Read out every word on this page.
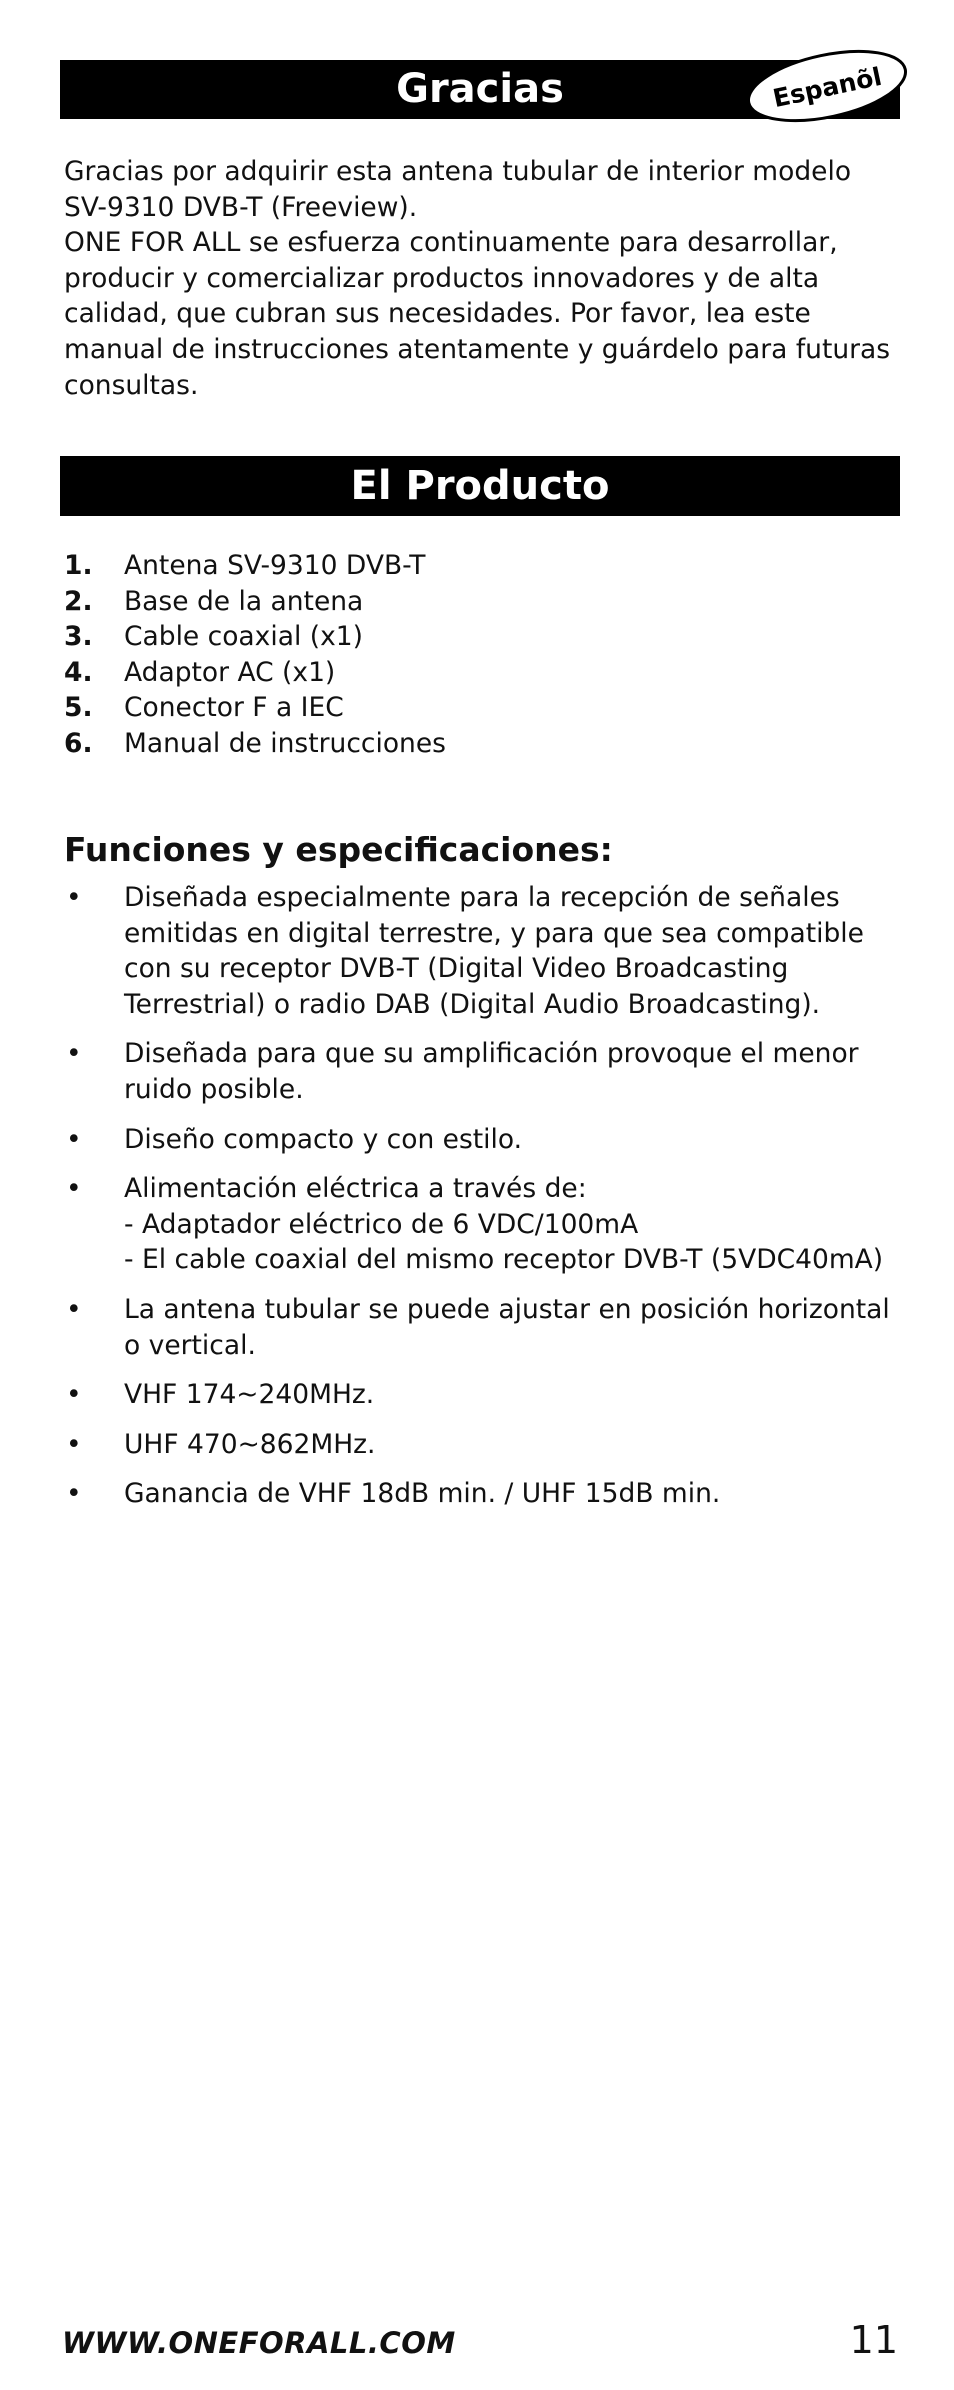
Gracias	Espanõl

Gracias por adquirir esta antena tubular de interior modelo SV-9310 DVB-T (Freeview).
ONE FOR ALL se esfuerza continuamente para desarrollar, producir y comercializar productos innovadores y de alta calidad, que cubran sus necesidades. Por favor, lea este manual de instrucciones atentamente y guárdelo para futuras consultas.

El Producto
1. Antena SV-9310 DVB-T
2. Base de la antena
3. Cable coaxial (x1)
4. Adaptor AC (x1)
5. Conector F a IEC
6. Manual de instrucciones
Funciones y especificaciones:
• Diseñada especialmente para la recepción de señales emitidas en digital terrestre, y para que sea compatible con su receptor DVB-T (Digital Video Broadcasting Terrestrial) o radio DAB (Digital Audio Broadcasting).
• Diseñada para que su amplificación provoque el menor ruido posible.
• Diseño compacto y con estilo.
• Alimentación eléctrica a través de:
- Adaptador eléctrico de 6 VDC/100mA
- El cable coaxial del mismo receptor DVB-T (5VDC40mA)
• La antena tubular se puede ajustar en posición horizontal o vertical.
• VHF 174~240MHz.
• UHF 470~862MHz.
• Ganancia de VHF 18dB min. / UHF 15dB min.
WWW.ONEFORALL.COM	11
